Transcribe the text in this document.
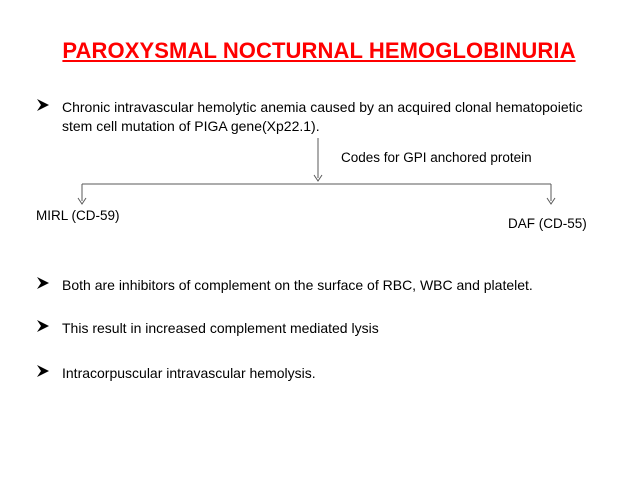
PAROXYSMAL NOCTURNAL HEMOGLOBINURIA
Chronic intravascular hemolytic anemia caused by an acquired clonal hematopoietic stem cell mutation of PIGA gene(Xp22.1).
Codes for GPI anchored protein
MIRL (CD-59)
DAF (CD-55)
Both are inhibitors of complement on the surface of RBC, WBC and platelet.
This result in increased complement mediated lysis
Intracorpuscular intravascular hemolysis.
